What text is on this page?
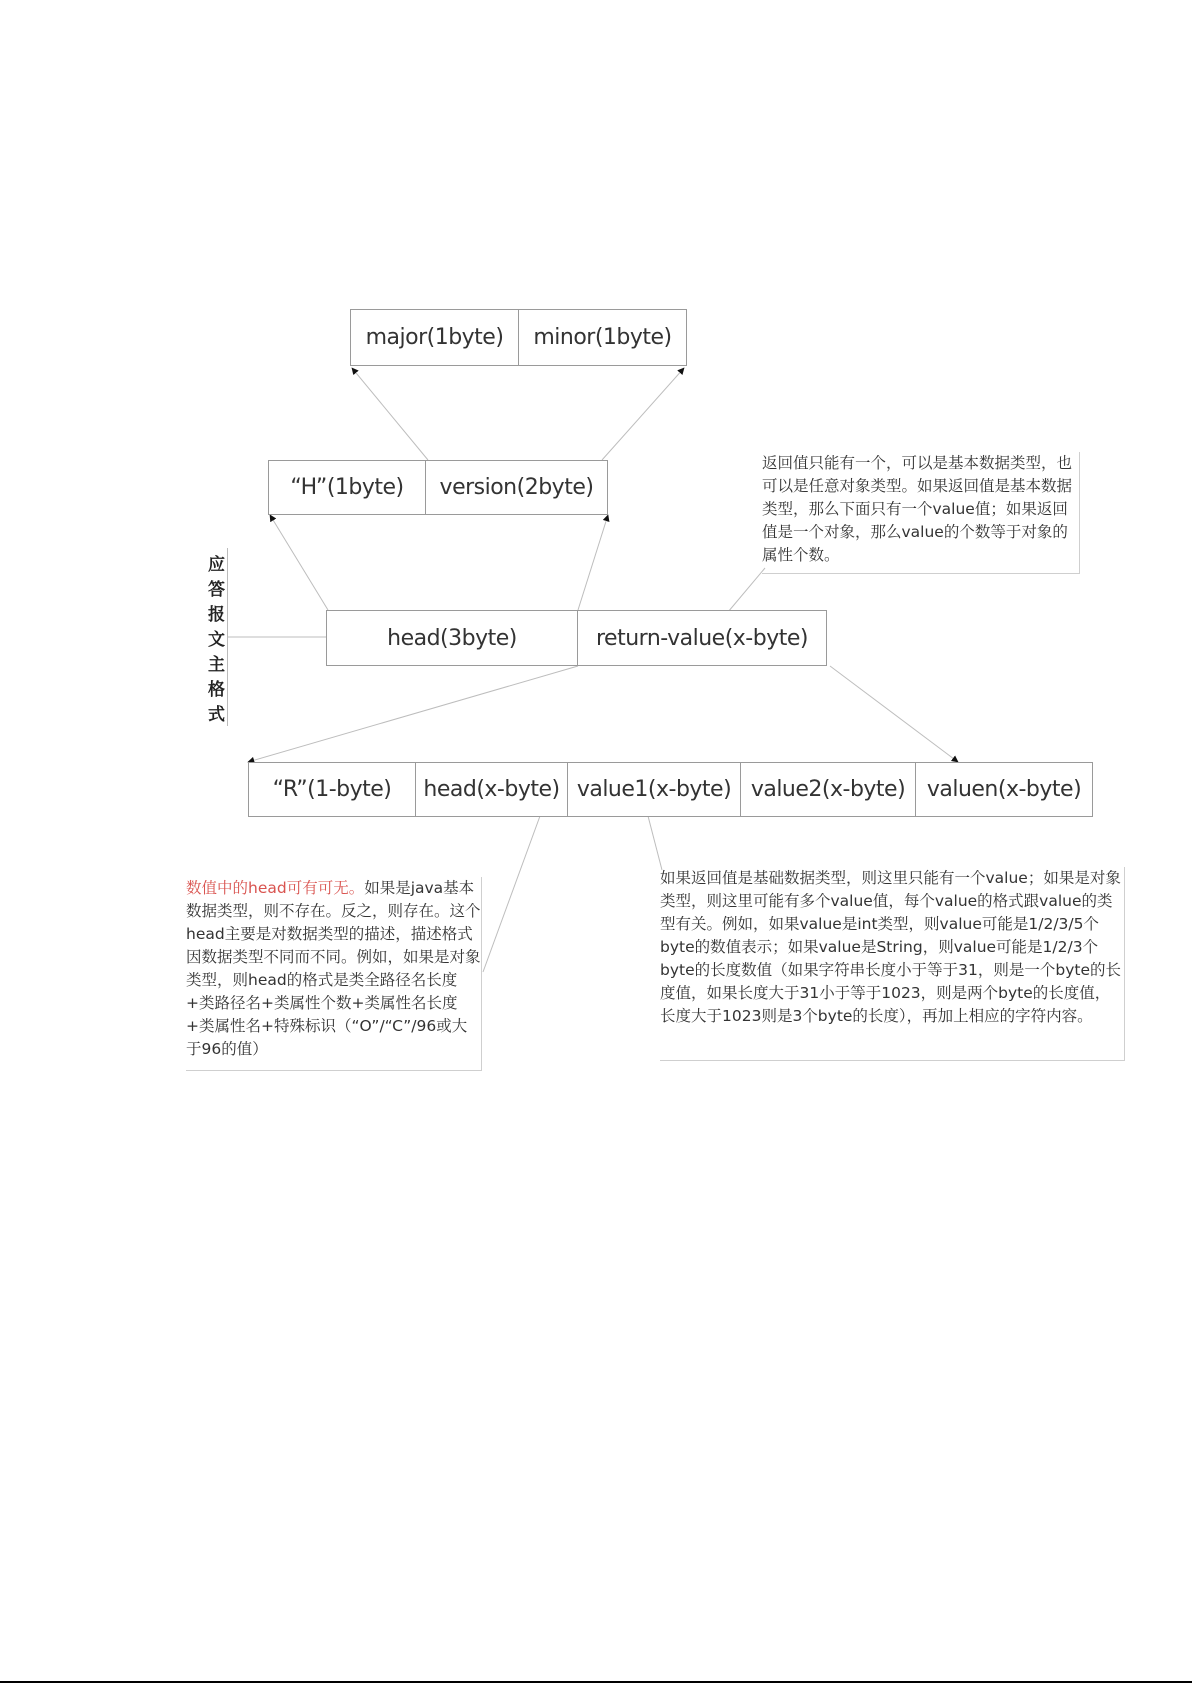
major(1byte)	minor(1byte)
“H”(1byte)	version(2byte)
head(3byte)	return-value(x-byte)
“R”(1-byte)	head(x-byte) value1(x-byte) value2(x-byte) valuen(x-byte)
应
答
报
文
主
格
式
返回值只能有一个，可以是基本数据类型，也可以是任意对象类型。如果返回值是基本数据类型，那么下面只有一个value值；如果返回值是一个对象，那么value的个数等于对象的属性个数。
数值中的head可有可无。如果是java基本数据类型，则不存在。反之，则存在。这个head主要是对数据类型的描述，描述格式因数据类型不同而不同。例如，如果是对象类型，则head的格式是类全路径名长度+类路径名+类属性个数+类属性名长度+类属性名+特殊标识（“O”/“C”/96或大于96的值）
如果返回值是基础数据类型，则这里只能有一个value；如果是对象类型，则这里可能有多个value值，每个value的格式跟value的类型有关。例如，如果value是int类型，则value可能是1/2/3/5个byte的数值表示；如果value是String，则value可能是1/2/3个byte的长度数值（如果字符串长度小于等于31，则是一个byte的长度值，如果长度大于31小于等于1023，则是两个byte的长度值，长度大于1023则是3个byte的长度），再加上相应的字符内容。
